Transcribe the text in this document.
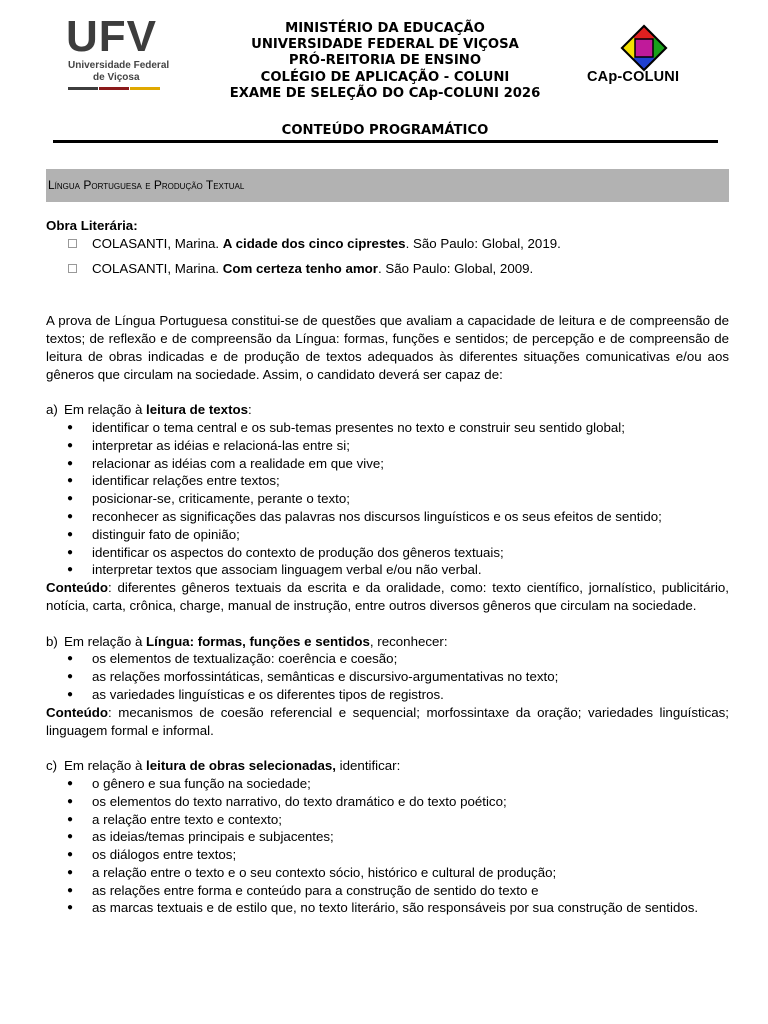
UFV
Universidade Federal
de Viçosa
MINISTÉRIO DA EDUCAÇÃO
UNIVERSIDADE FEDERAL DE VIÇOSA
PRÓ-REITORIA DE ENSINO
COLÉGIO DE APLICAÇÃO - COLUNI
EXAME DE SELEÇÃO DO CAp-COLUNI 2026
CONTEÚDO PROGRAMÁTICO
CAp-COLUNI
Língua Portuguesa e Produção Textual

Obra Literária:

COLASANTI, Marina. A cidade dos cinco ciprestes. São Paulo: Global, 2019.
COLASANTI, Marina. Com certeza tenho amor. São Paulo: Global, 2009.

A prova de Língua Portuguesa constitui-se de questões que avaliam a capacidade de leitura e de compreensão de textos; de reflexão e de compreensão da Língua: formas, funções e sentidos; de percepção e de compreensão de leitura de obras indicadas e de produção de textos adequados às diferentes situações comunicativas e/ou aos gêneros que circulam na sociedade. Assim, o candidato deverá ser capaz de:

a) Em relação à leitura de textos:
● identificar o tema central e os sub-temas presentes no texto e construir seu sentido global;
● interpretar as idéias e relacioná-las entre si;
● relacionar as idéias com a realidade em que vive;
● identificar relações entre textos;
● posicionar-se, criticamente, perante o texto;
● reconhecer as significações das palavras nos discursos linguísticos e os seus efeitos de sentido;
● distinguir fato de opinião;
● identificar os aspectos do contexto de produção dos gêneros textuais;
● interpretar textos que associam linguagem verbal e/ou não verbal.

Conteúdo: diferentes gêneros textuais da escrita e da oralidade, como: texto científico, jornalístico, publicitário, notícia, carta, crônica, charge, manual de instrução, entre outros diversos gêneros que circulam na sociedade.

b) Em relação à Língua: formas, funções e sentidos, reconhecer:
● os elementos de textualização: coerência e coesão;
● as relações morfossintáticas, semânticas e discursivo-argumentativas no texto;
● as variedades linguísticas e os diferentes tipos de registros.

Conteúdo: mecanismos de coesão referencial e sequencial; morfossintaxe da oração; variedades linguísticas; linguagem formal e informal.

c) Em relação à leitura de obras selecionadas, identificar:
● o gênero e sua função na sociedade;
● os elementos do texto narrativo, do texto dramático e do texto poético;
● a relação entre texto e contexto;
● as ideias/temas principais e subjacentes;
● os diálogos entre textos;
● a relação entre o texto e o seu contexto sócio, histórico e cultural de produção;
● as relações entre forma e conteúdo para a construção de sentido do texto e
● as marcas textuais e de estilo que, no texto literário, são responsáveis por sua construção de sentidos.
